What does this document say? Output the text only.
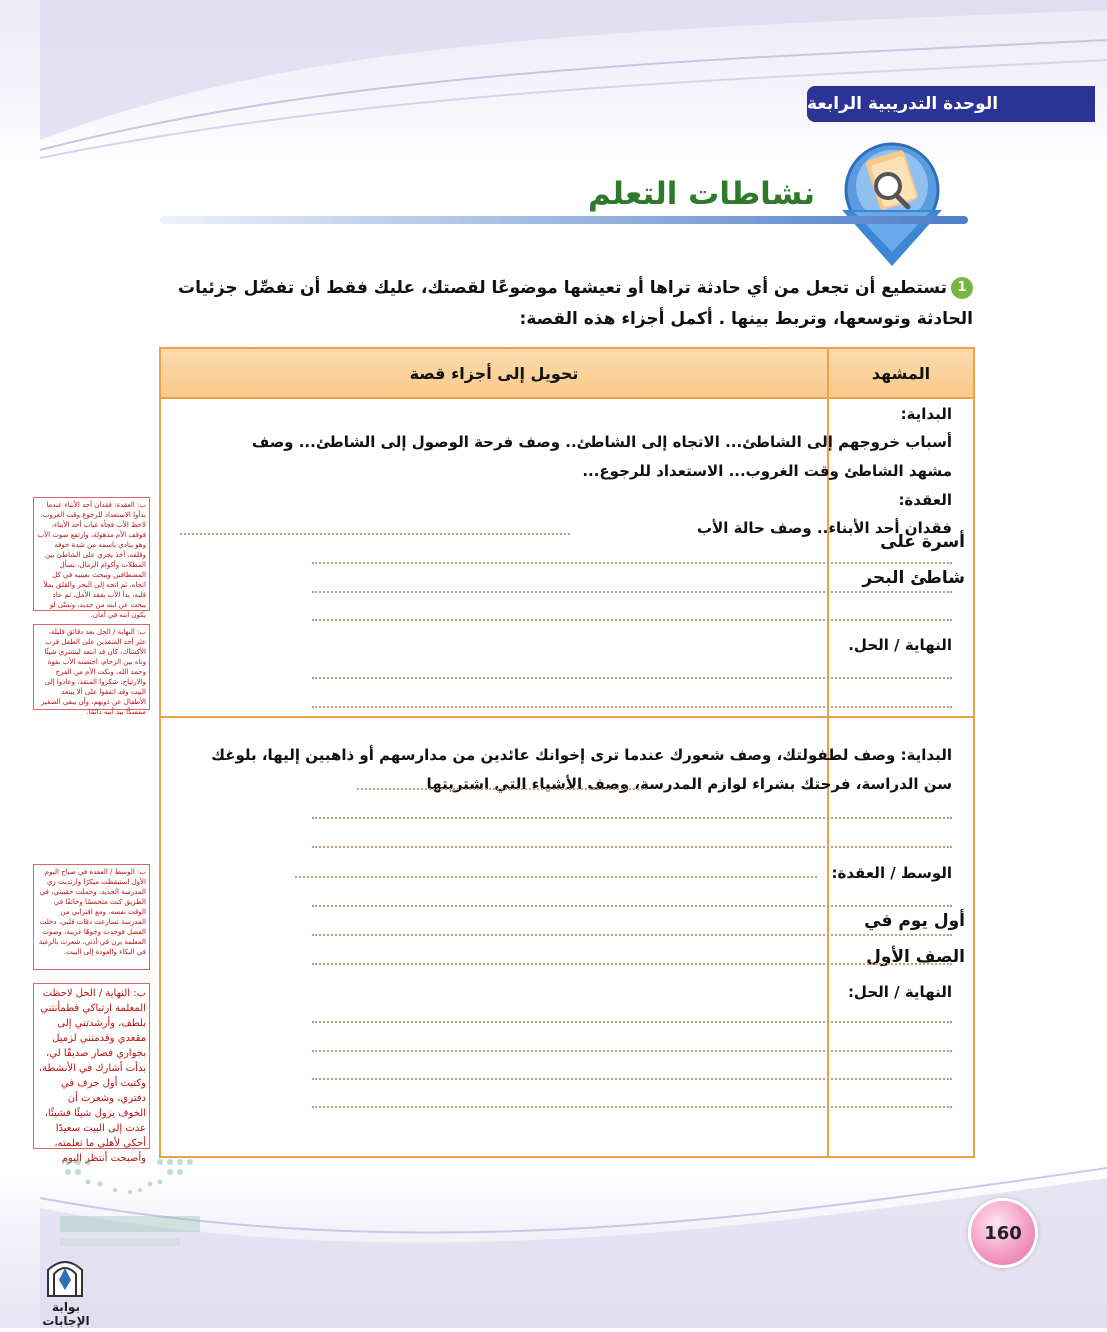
الوحدة التدريبية الرابعة
نشاطات التعلم
1تستطيع أن تجعل من أي حادثة تراها أو تعيشها موضوعًا لقصتك، عليك فقط أن تفصِّل جزئيات الحادثة وتوسعها، وتربط بينها . أكمل أجزاء هذه القصة:
المشهد
تحويل إلى أجزاء قصة
أسرة على شاطئ البحر
أول يوم في الصف الأول
البداية:
أسباب خروجهم إلى الشاطئ... الاتجاه إلى الشاطئ.. وصف فرحة الوصول إلى الشاطئ... وصف
مشهد الشاطئ وقت الغروب... الاستعداد للرجوع...
العقدة:
فقدان أحد الأبناء.. وصف حالة الأب
النهاية / الحل.
البداية: وصف لطفولتك، وصف شعورك عندما ترى إخوانك عائدين من مدارسهم أو ذاهبين إليها، بلوغك
سن الدراسة، فرحتك بشراء لوازم المدرسة، وصف الأشياء التي اشتريتها
الوسط / العقدة:
النهاية / الحل:
ب: العقدة: فقدان أحد الأبناء عندما بدأوا الاستعداد للرجوع وقت الغروب، لاحظ الأب فجأة غياب أحد الأبناء، فوقف الأم مذهولة، وارتفع صوت الأب وهو ينادي باسمه من شدة خوفه وقلقه، أخذ يجري على الشاطئ بين المظلات وأكوام الرمال، يسأل المصطافين ويبحث بعينيه في كل اتجاه، ثم اتجه إلى البحر والقلق يملأ قلبه، بدأ الأب يفقد الأمل، ثم عاد يبحث عن ابنه من جديد، وتمنّى لو يكون ابنه في أمان.
ب: النهاية / الحل بعد دقائق قليلة، عثر أحد المنقذين على الطفل قرب الأكشاك، كان قد ابتعد ليشتري شيئًا وتاه بين الزحام، احتضنه الأب بقوة وحمد الله، وبكت الأم من الفرح والارتياح، شكروا المنقذ، وعادوا إلى البيت وقد اتفقوا على ألا يبتعد الأطفال عن ذويهم، وأن يبقى الصغير ممسكًا بيد أبيه دائمًا.
ب: الوسط / العقدة في صباح اليوم الأول استيقظت مبكرًا وارتديت زي المدرسة الجديد، وحملت حقيبتي، في الطريق كنت متحمسًا وخائفًا في الوقت نفسه، ومع اقترابي من المدرسة تسارعت دقات قلبي، دخلت الفصل فوجدت وجوهًا غريبة، وصوت المعلمة يرن في أذني، شعرت بالرغبة في البكاء والعودة إلى البيت.
ب: النهاية / الحل لاحظت المعلمة ارتباكي فطمأنتني بلطف، وأرشدتني إلى مقعدي وقدمتني لزميل بجواري فصار صديقًا لي، بدأت أشارك في الأنشطة، وكتبت أول حرف في دفتري، وشعرت أن الخوف يزول شيئًا فشيئًا، عدت إلى البيت سعيدًا أحكي لأهلي ما تعلمته، وأصبحت أنتظر اليوم
160
بوابة الإجابات
